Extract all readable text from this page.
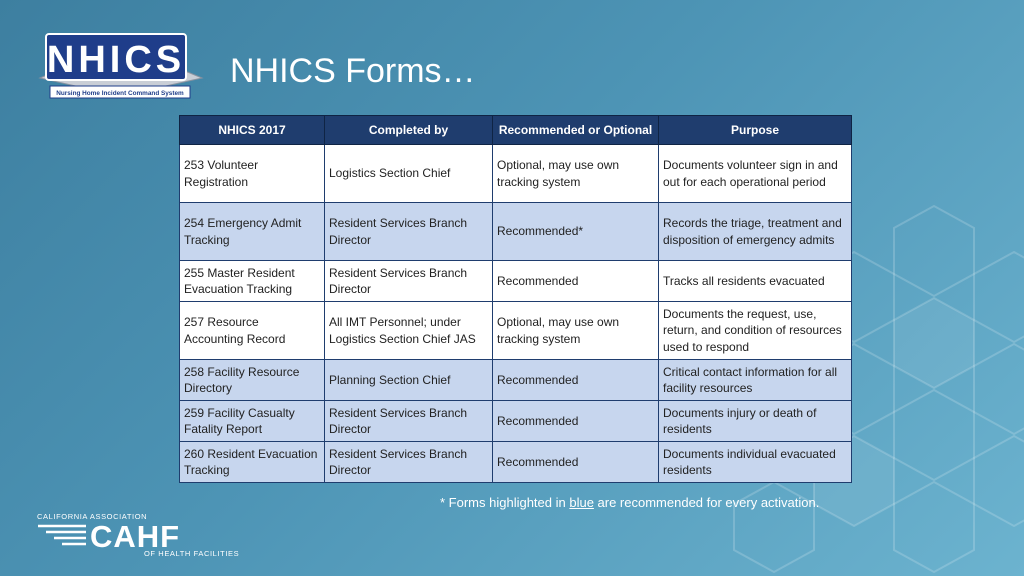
NHICS
Nursing Home Incident Command System
NHICS Forms…
NHICS 2017	Completed by	Recommended or Optional	Purpose
253 Volunteer Registration	Logistics Section Chief	Optional, may use own tracking system	Documents volunteer sign in and out for each operational period
254 Emergency Admit Tracking	Resident Services Branch Director	Recommended*	Records the triage, treatment and disposition of emergency admits
255 Master Resident Evacuation Tracking	Resident Services Branch Director	Recommended	Tracks all residents evacuated
257 Resource Accounting Record	All IMT Personnel; under Logistics Section Chief JAS	Optional, may use own tracking system	Documents the request, use, return, and condition of resources used to respond
258 Facility Resource Directory	Planning Section Chief	Recommended	Critical contact information for all facility resources
259 Facility Casualty Fatality Report	Resident Services Branch Director	Recommended	Documents injury or death of residents
260 Resident Evacuation Tracking	Resident Services Branch Director	Recommended	Documents individual evacuated residents
* Forms highlighted in blue are recommended for every activation.
CALIFORNIA ASSOCIATION
CAHF
OF HEALTH FACILITIES
